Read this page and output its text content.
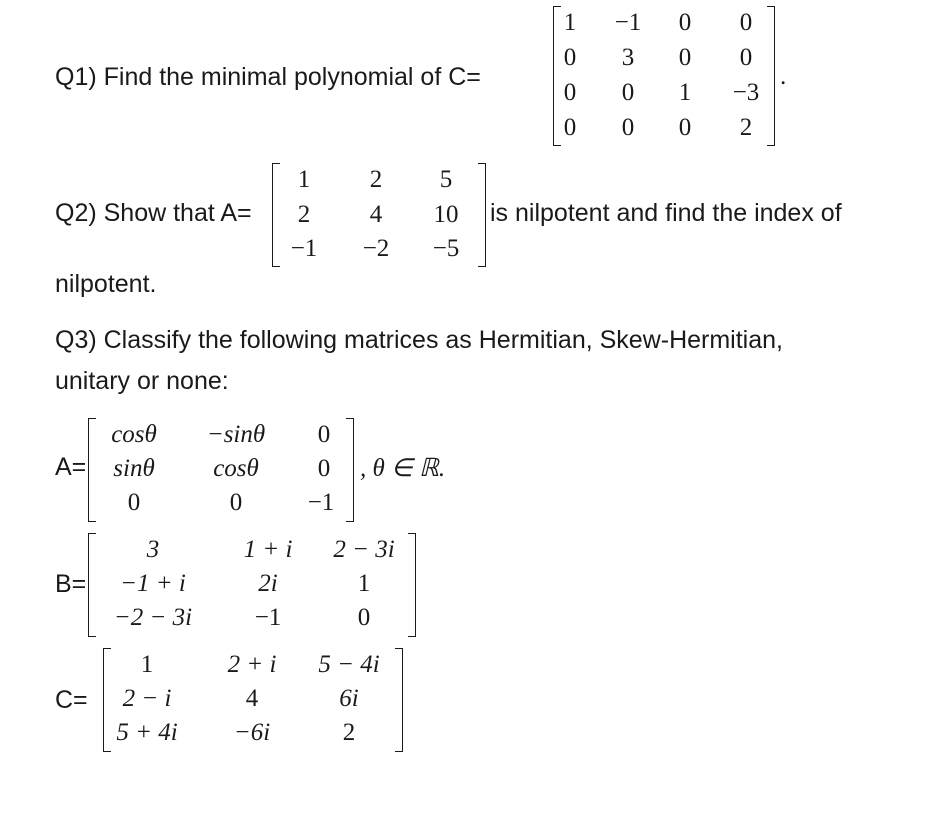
Q1) Find the minimal polynomial of C=
1	−1	0	0
0	3	0	0
0	0	1	−3
0	0	0	2
.
Q2) Show that A=
1	2	5
2	4	10
−1	−2	−5
is nilpotent and find the index of
nilpotent.
Q3) Classify the following matrices as Hermitian, Skew-Hermitian,
unitary or none:
A=
cosθ	−sinθ	0
sinθ	cosθ	0
0	0	−1
, θ ∈ ℝ.
B=
3	1 + i	2 − 3i
−1 + i	2i	1
−2 − 3i	−1	0
C=
1	2 + i	5 − 4i
2 − i	4	6i
5 + 4i	−6i	2
